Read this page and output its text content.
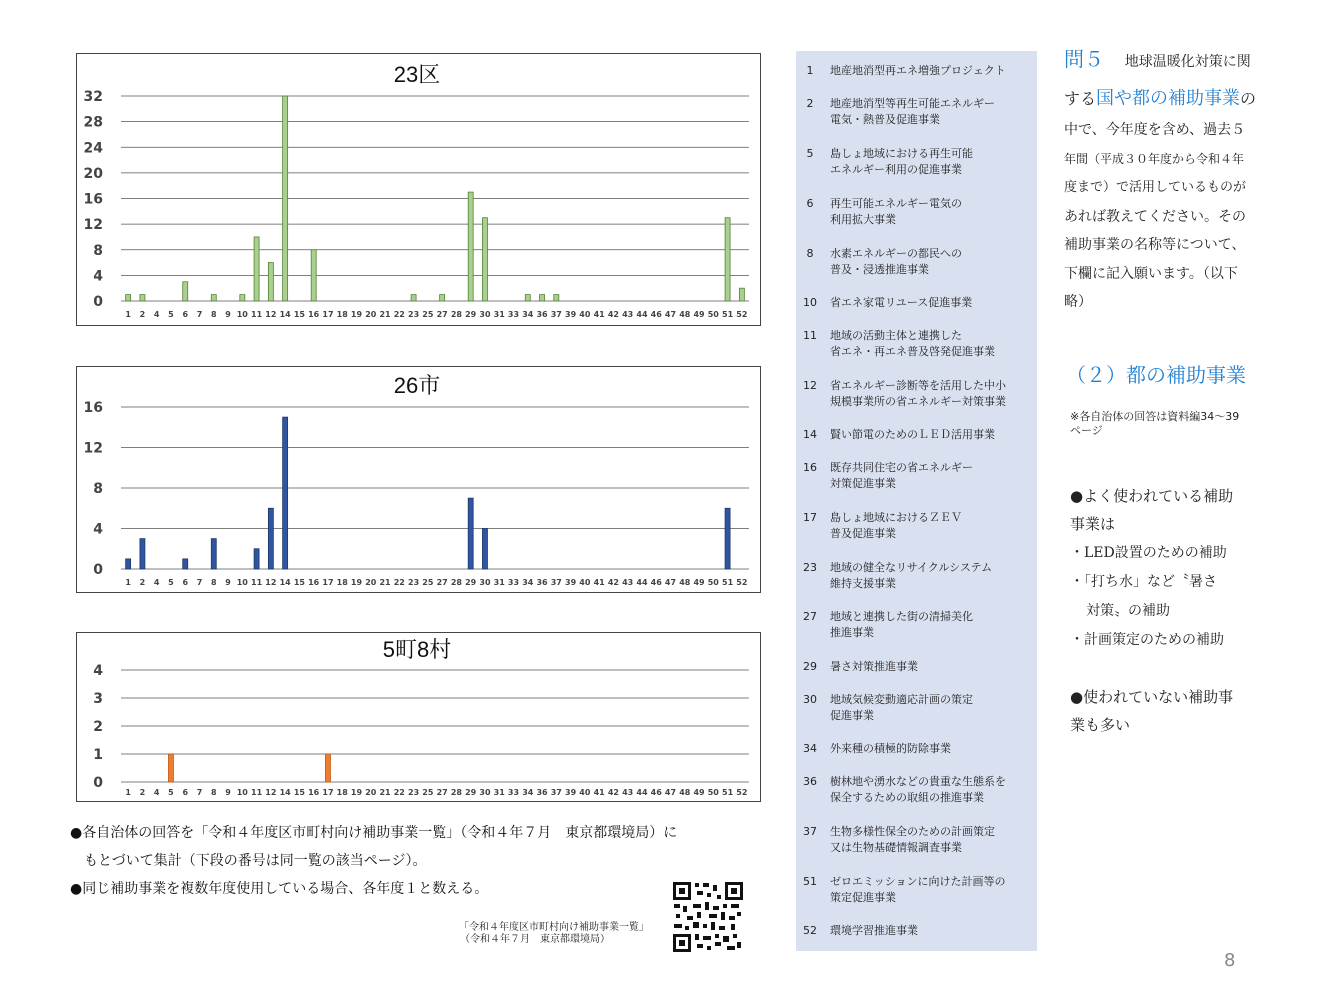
23区
0
4
8
12
16
20
24
28
32
1 2 4 5 6 7 8 9 10 11 12 14 15 16 17 18 19 20 21 22 23 25 27 28 29 30 31 33 34 36 37 39 40 41 42 43 44 46 47 48 49 50 51 52
26市
0
4
8
12
16
1 2 4 5 6 7 8 9 10 11 12 14 15 16 17 18 19 20 21 22 23 25 27 28 29 30 31 33 34 36 37 39 40 41 42 43 44 46 47 48 49 50 51 52
5町8村
0
1
2
3
4
1 2 4 5 6 7 8 9 10 11 12 14 15 16 17 18 19 20 21 22 23 25 27 28 29 30 31 33 34 36 37 39 40 41 42 43 44 46 47 48 49 50 51 52
●各自治体の回答を「令和４年度区市町村向け補助事業一覧」（令和４年７月　東京都環境局）に
もとづいて集計（下段の番号は同一覧の該当ページ）。
●同じ補助事業を複数年度使用している場合、各年度１と数える。
「令和４年度区市町村向け補助事業一覧」
（令和４年７月　東京都環境局）
1	地産地消型再エネ増強プロジェクト
2	地産地消型等再生可能エネルギー
電気・熱普及促進事業
5	島しょ地域における再生可能
エネルギー利用の促進事業
6	再生可能エネルギー電気の
利用拡大事業
8	水素エネルギーの都民への
普及・浸透推進事業
10	省エネ家電リユース促進事業
11	地域の活動主体と連携した
省エネ・再エネ普及啓発促進事業
12	省エネルギー診断等を活用した中小
規模事業所の省エネルギー対策事業
14	賢い節電のためのＬＥＤ活用事業
16	既存共同住宅の省エネルギー
対策促進事業
17	島しょ地域におけるＺＥＶ
普及促進事業
23	地域の健全なリサイクルシステム
維持支援事業
27	地域と連携した街の清掃美化
推進事業
29	暑さ対策推進事業
30	地域気候変動適応計画の策定
促進事業
34	外来種の積極的防除事業
36	樹林地や湧水などの貴重な生態系を
保全するための取組の推進事業
37	生物多様性保全のための計画策定
又は生物基礎情報調査事業
51	ゼロエミッションに向けた計画等の
策定促進事業
52	環境学習推進事業
問５ 地球温暖化対策に関
する国や都の補助事業の
中で、今年度を含め、過去５
年間（平成３０年度から令和４年
度まで）で活用しているものが
あれば教えてください。その
補助事業の名称等について、
下欄に記入願います。（以下
略）
（２）都の補助事業
※各自治体の回答は資料編34～39
ページ
●よく使われている補助
事業は
・LED設置のための補助
・「打ち水」など〝暑さ
対策〟の補助
・計画策定のための補助
●使われていない補助事
業も多い
8
